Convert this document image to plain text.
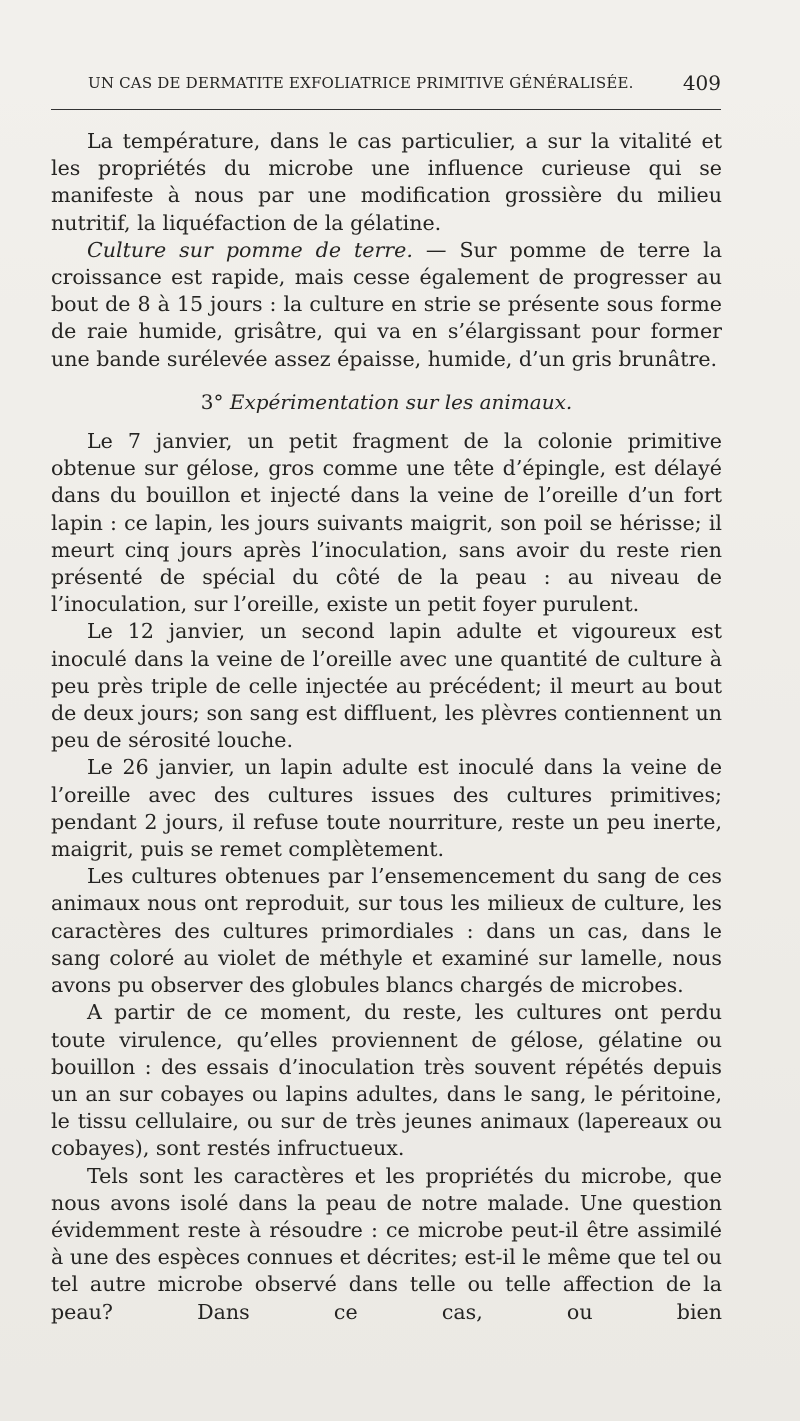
UN CAS DE DERMATITE EXFOLIATRICE PRIMITIVE GÉNÉRALISÉE. 409

La température, dans le cas particulier, a sur la vitalité et les propriétés du microbe une influence curieuse qui se manifeste à nous par une modification grossière du milieu nutritif, la liquéfaction de la gélatine.

Culture sur pomme de terre. — Sur pomme de terre la croissance est rapide, mais cesse également de progresser au bout de 8 à 15 jours : la culture en strie se présente sous forme de raie humide, grisâtre, qui va en s’élargissant pour former une bande surélevée assez épaisse, humide, d’un gris brunâtre.

3° Expérimentation sur les animaux.

Le 7 janvier, un petit fragment de la colonie primitive obtenue sur gélose, gros comme une tête d’épingle, est délayé dans du bouillon et injecté dans la veine de l’oreille d’un fort lapin : ce lapin, les jours suivants maigrit, son poil se hérisse; il meurt cinq jours après l’inoculation, sans avoir du reste rien présenté de spécial du côté de la peau : au niveau de l’inoculation, sur l’oreille, existe un petit foyer purulent.

Le 12 janvier, un second lapin adulte et vigoureux est inoculé dans la veine de l’oreille avec une quantité de culture à peu près triple de celle injectée au précédent; il meurt au bout de deux jours; son sang est diffluent, les plèvres contiennent un peu de sérosité louche.

Le 26 janvier, un lapin adulte est inoculé dans la veine de l’oreille avec des cultures issues des cultures primitives; pendant 2 jours, il refuse toute nourriture, reste un peu inerte, maigrit, puis se remet complètement.

Les cultures obtenues par l’ensemencement du sang de ces animaux nous ont reproduit, sur tous les milieux de culture, les caractères des cultures primordiales : dans un cas, dans le sang coloré au violet de méthyle et examiné sur lamelle, nous avons pu observer des globules blancs chargés de microbes.

A partir de ce moment, du reste, les cultures ont perdu toute virulence, qu’elles proviennent de gélose, gélatine ou bouillon : des essais d’inoculation très souvent répétés depuis un an sur cobayes ou lapins adultes, dans le sang, le péritoine, le tissu cellulaire, ou sur de très jeunes animaux (lapereaux ou cobayes), sont restés infructueux.

Tels sont les caractères et les propriétés du microbe, que nous avons isolé dans la peau de notre malade. Une question évidemment reste à résoudre : ce microbe peut-il être assimilé à une des espèces connues et décrites; est-il le même que tel ou tel autre microbe observé dans telle ou telle affection de la peau? Dans ce cas, ou bien
